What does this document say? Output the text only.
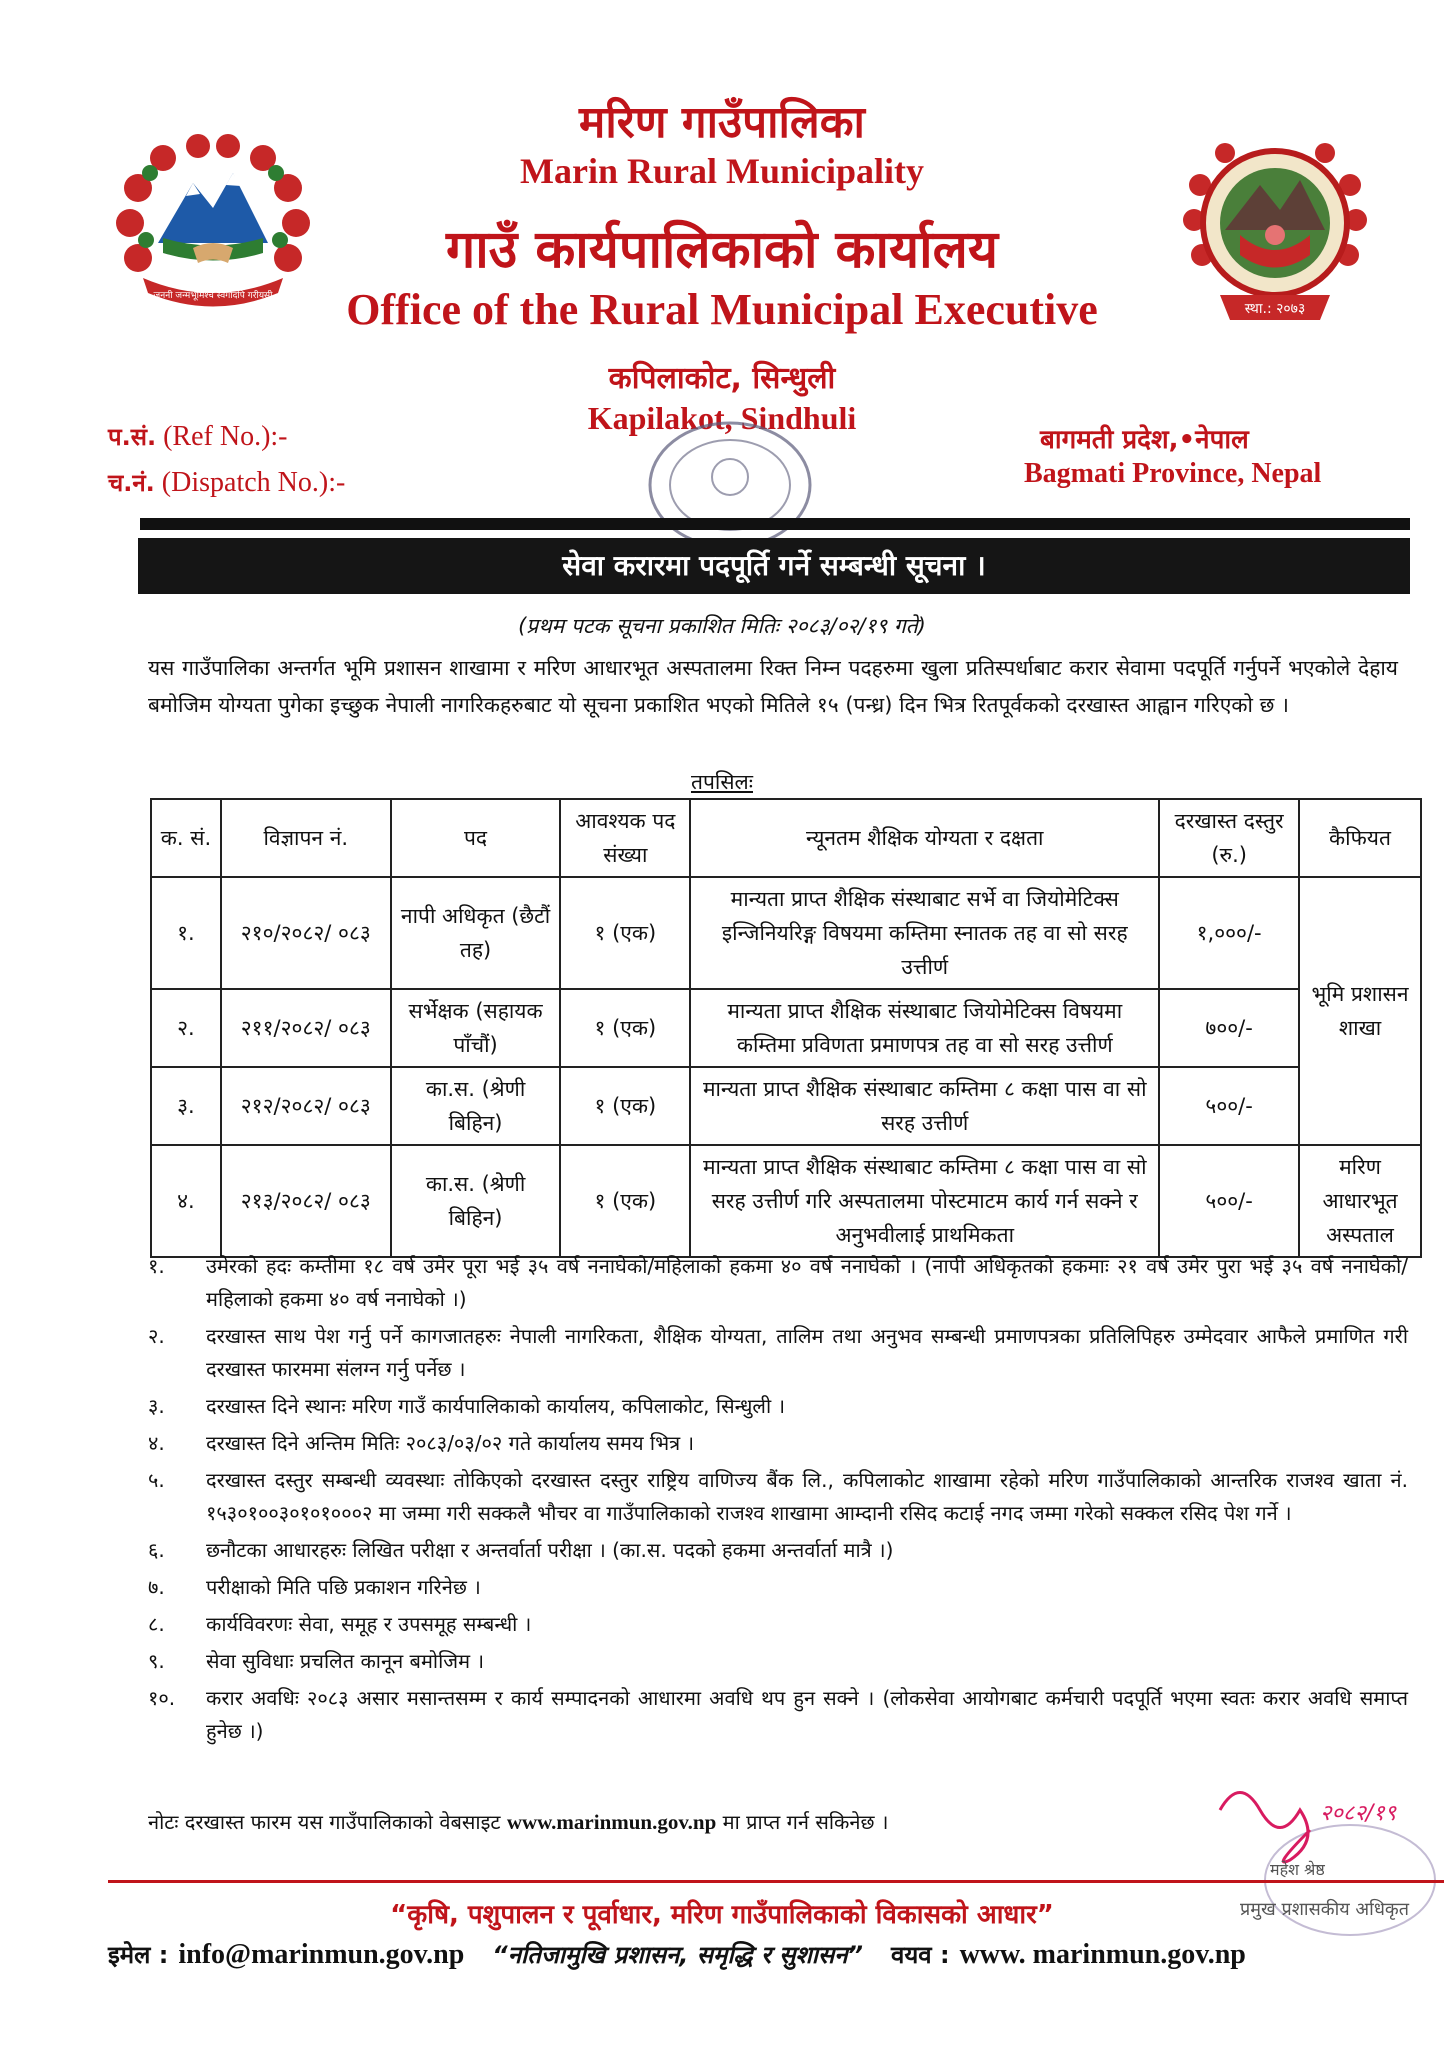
जननी जन्मभूमिश्च स्वर्गादपि गरीयसी
स्था.: २०७३
मरिण गाउँपालिका
Marin Rural Municipality
गाउँ कार्यपालिकाको कार्यालय
Office of the Rural Municipal Executive
कपिलाकोट, सिन्धुली
Kapilakot, Sindhuli
प.सं. (Ref No.):-
च.नं. (Dispatch No.):-
बागमती प्रदेश,•नेपाल
Bagmati Province, Nepal
सेवा करारमा पदपूर्ति गर्ने सम्बन्धी सूचना ।
(प्रथम पटक सूचना प्रकाशित मितिः २०८३/०२/१९ गते)
यस गाउँपालिका अन्तर्गत भूमि प्रशासन शाखामा र मरिण आधारभूत अस्पतालमा रिक्त निम्न पदहरुमा खुला प्रतिस्पर्धाबाट करार सेवामा पदपूर्ति गर्नुपर्ने भएकोले देहाय बमोजिम योग्यता पुगेका इच्छुक नेपाली नागरिकहरुबाट यो सूचना प्रकाशित भएको मितिले १५ (पन्ध्र) दिन भित्र रितपूर्वकको दरखास्त आह्वान गरिएको छ ।
तपसिलः
क. सं.	विज्ञापन नं.	पद	आवश्यक पद संख्या	न्यूनतम शैक्षिक योग्यता र दक्षता	दरखास्त दस्तुर (रु.)	कैफियत
१.	२१०/२०८२/ ०८३	नापी अधिकृत (छैटौं तह)	१ (एक)	मान्यता प्राप्त शैक्षिक संस्थाबाट सर्भे वा जियोमेटिक्स इन्जिनियरिङ्ग विषयमा कम्तिमा स्नातक तह वा सो सरह उत्तीर्ण	१,०००/-	भूमि प्रशासन शाखा
२.	२११/२०८२/ ०८३	सर्भेक्षक (सहायक पाँचौं)	१ (एक)	मान्यता प्राप्त शैक्षिक संस्थाबाट जियोमेटिक्स विषयमा कम्तिमा प्रविणता प्रमाणपत्र तह वा सो सरह उत्तीर्ण	७००/-	
३.	२१२/२०८२/ ०८३	का.स. (श्रेणी बिहिन)	१ (एक)	मान्यता प्राप्त शैक्षिक संस्थाबाट कम्तिमा ८ कक्षा पास वा सो सरह उत्तीर्ण	५००/-	
४.	२१३/२०८२/ ०८३	का.स. (श्रेणी बिहिन)	१ (एक)	मान्यता प्राप्त शैक्षिक संस्थाबाट कम्तिमा ८ कक्षा पास वा सो सरह उत्तीर्ण गरि अस्पतालमा पोस्टमाटम कार्य गर्न सक्ने र अनुभवीलाई प्राथमिकता	५००/-	मरिण आधारभूत अस्पताल
१.	उमेरको हदः कम्तीमा १८ वर्ष उमेर पूरा भई ३५ वर्ष ननाघेको/महिलाको हकमा ४० वर्ष ननाघेको । (नापी अधिकृतको हकमाः २१ वर्ष उमेर पुरा भई ३५ वर्ष ननाघेको/महिलाको हकमा ४० वर्ष ननाघेको ।)
२.	दरखास्त साथ पेश गर्नु पर्ने कागजातहरुः नेपाली नागरिकता, शैक्षिक योग्यता, तालिम तथा अनुभव सम्बन्धी प्रमाणपत्रका प्रतिलिपिहरु उम्मेदवार आफैले प्रमाणित गरी दरखास्त फारममा संलग्न गर्नु पर्नेछ ।
३.	दरखास्त दिने स्थानः मरिण गाउँ कार्यपालिकाको कार्यालय, कपिलाकोट, सिन्धुली ।
४.	दरखास्त दिने अन्तिम मितिः २०८३/०३/०२ गते कार्यालय समय भित्र ।
५.	दरखास्त दस्तुर सम्बन्धी व्यवस्थाः तोकिएको दरखास्त दस्तुर राष्ट्रिय वाणिज्य बैंक लि., कपिलाकोट शाखामा रहेको मरिण गाउँपालिकाको आन्तरिक राजश्व खाता नं. १५३०१००३०१०१०००२ मा जम्मा गरी सक्कलै भौचर वा गाउँपालिकाको राजश्व शाखामा आम्दानी रसिद कटाई नगद जम्मा गरेको सक्कल रसिद पेश गर्ने ।
६.	छनौटका आधारहरुः लिखित परीक्षा र अन्तर्वार्ता परीक्षा । (का.स. पदको हकमा अन्तर्वार्ता मात्रै ।)
७.	परीक्षाको मिति पछि प्रकाशन गरिनेछ ।
८.	कार्यविवरणः सेवा, समूह र उपसमूह सम्बन्धी ।
९.	सेवा सुविधाः प्रचलित कानून बमोजिम ।
१०.	करार अवधिः २०८३ असार मसान्तसम्म र कार्य सम्पादनको आधारमा अवधि थप हुन सक्ने । (लोकसेवा आयोगबाट कर्मचारी पदपूर्ति भएमा स्वतः करार अवधि समाप्त हुनेछ ।)
नोटः दरखास्त फारम यस गाउँपालिकाको वेबसाइट www.marinmun.gov.np मा प्राप्त गर्न सकिनेछ ।	२०८२/१९
महेश श्रेष्ठ
प्रमुख प्रशासकीय अधिकृत
“कृषि, पशुपालन र पूर्वाधार, मरिण गाउँपालिकाको विकासको आधार”
इमेल : info@marinmun.gov.np “नतिजामुखि प्रशासन, समृद्धि र सुशासन” वयव : www. marinmun.gov.np
